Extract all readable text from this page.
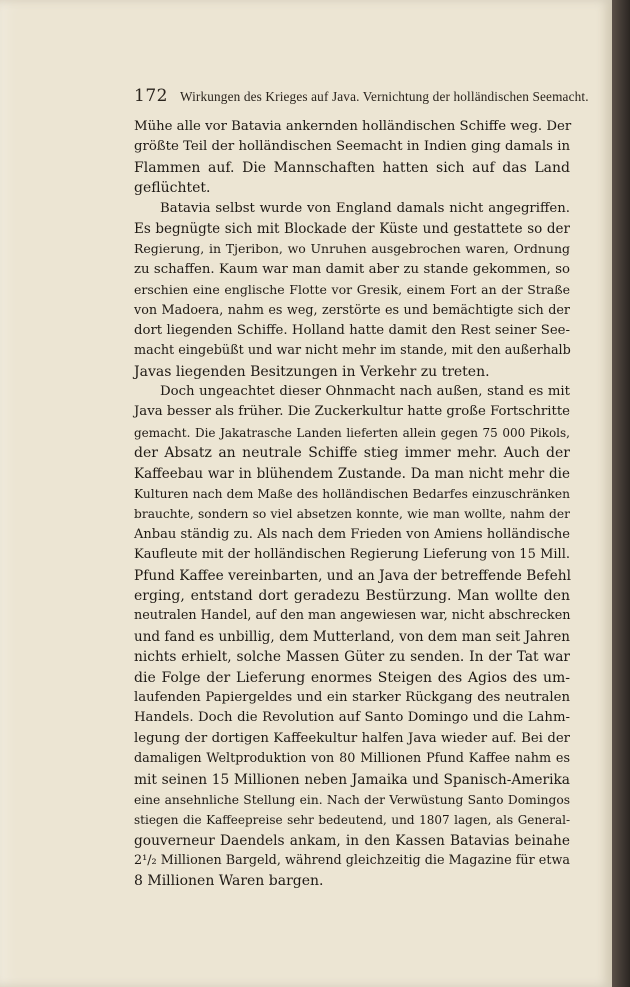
172 Wirkungen des Krieges auf Java. Vernichtung der holländischen Seemacht.
Mühe alle vor Batavia ankernden holländischen Schiffe weg. Der
größte Teil der holländischen Seemacht in Indien ging damals in
Flammen auf. Die Mannschaften hatten sich auf das Land
geflüchtet.
Batavia selbst wurde von England damals nicht angegriffen.
Es begnügte sich mit Blockade der Küste und gestattete so der
Regierung, in Tjeribon, wo Unruhen ausgebrochen waren, Ordnung
zu schaffen. Kaum war man damit aber zu stande gekommen, so
erschien eine englische Flotte vor Gresik, einem Fort an der Straße
von Madoera, nahm es weg, zerstörte es und bemächtigte sich der
dort liegenden Schiffe. Holland hatte damit den Rest seiner See-
macht eingebüßt und war nicht mehr im stande, mit den außerhalb
Javas liegenden Besitzungen in Verkehr zu treten.
Doch ungeachtet dieser Ohnmacht nach außen, stand es mit
Java besser als früher. Die Zuckerkultur hatte große Fortschritte
gemacht. Die Jakatrasche Landen lieferten allein gegen 75 000 Pikols,
der Absatz an neutrale Schiffe stieg immer mehr. Auch der
Kaffeebau war in blühendem Zustande. Da man nicht mehr die
Kulturen nach dem Maße des holländischen Bedarfes einzuschränken
brauchte, sondern so viel absetzen konnte, wie man wollte, nahm der
Anbau ständig zu. Als nach dem Frieden von Amiens holländische
Kaufleute mit der holländischen Regierung Lieferung von 15 Mill.
Pfund Kaffee vereinbarten, und an Java der betreffende Befehl
erging, entstand dort geradezu Bestürzung. Man wollte den
neutralen Handel, auf den man angewiesen war, nicht abschrecken
und fand es unbillig, dem Mutterland, von dem man seit Jahren
nichts erhielt, solche Massen Güter zu senden. In der Tat war
die Folge der Lieferung enormes Steigen des Agios des um-
laufenden Papiergeldes und ein starker Rückgang des neutralen
Handels. Doch die Revolution auf Santo Domingo und die Lahm-
legung der dortigen Kaffeekultur halfen Java wieder auf. Bei der
damaligen Weltproduktion von 80 Millionen Pfund Kaffee nahm es
mit seinen 15 Millionen neben Jamaika und Spanisch-Amerika
eine ansehnliche Stellung ein. Nach der Verwüstung Santo Domingos
stiegen die Kaffeepreise sehr bedeutend, und 1807 lagen, als General-
gouverneur Daendels ankam, in den Kassen Batavias beinahe
2¹/₂ Millionen Bargeld, während gleichzeitig die Magazine für etwa
8 Millionen Waren bargen.
